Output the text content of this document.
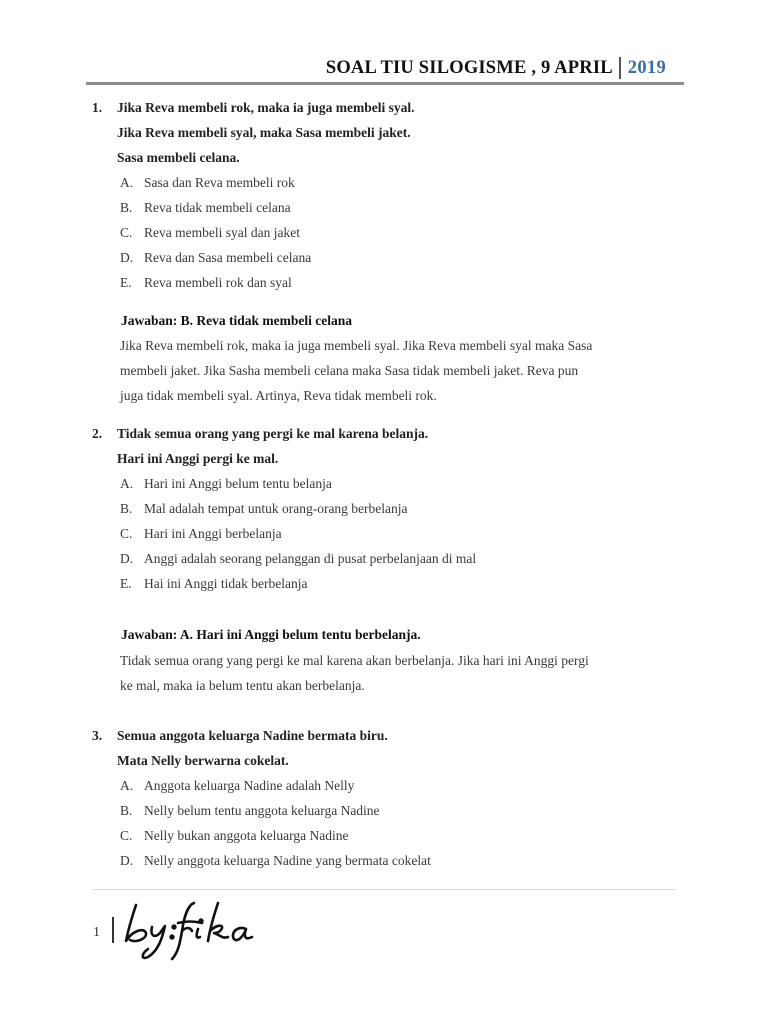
SOAL TIU SILOGISME , 9 APRIL 2019
1. Jika Reva membeli rok, maka ia juga membeli syal.
Jika Reva membeli syal, maka Sasa membeli jaket.
Sasa membeli celana.
A. Sasa dan Reva membeli rok
B. Reva tidak membeli celana
C. Reva membeli syal dan jaket
D. Reva dan Sasa membeli celana
E. Reva membeli rok dan syal
Jawaban: B. Reva tidak membeli celana
Jika Reva membeli rok, maka ia juga membeli syal. Jika Reva membeli syal maka Sasa
membeli jaket. Jika Sasha membeli celana maka Sasa tidak membeli jaket. Reva pun
juga tidak membeli syal. Artinya, Reva tidak membeli rok.
2. Tidak semua orang yang pergi ke mal karena belanja.
Hari ini Anggi pergi ke mal.
A. Hari ini Anggi belum tentu belanja
B. Mal adalah tempat untuk orang-orang berbelanja
C. Hari ini Anggi berbelanja
D. Anggi adalah seorang pelanggan di pusat perbelanjaan di mal
E. Hai ini Anggi tidak berbelanja
Jawaban: A. Hari ini Anggi belum tentu berbelanja.
Tidak semua orang yang pergi ke mal karena akan berbelanja. Jika hari ini Anggi pergi
ke mal, maka ia belum tentu akan berbelanja.
3. Semua anggota keluarga Nadine bermata biru.
Mata Nelly berwarna cokelat.
A. Anggota keluarga Nadine adalah Nelly
B. Nelly belum tentu anggota keluarga Nadine
C. Nelly bukan anggota keluarga Nadine
D. Nelly anggota keluarga Nadine yang bermata cokelat
1
